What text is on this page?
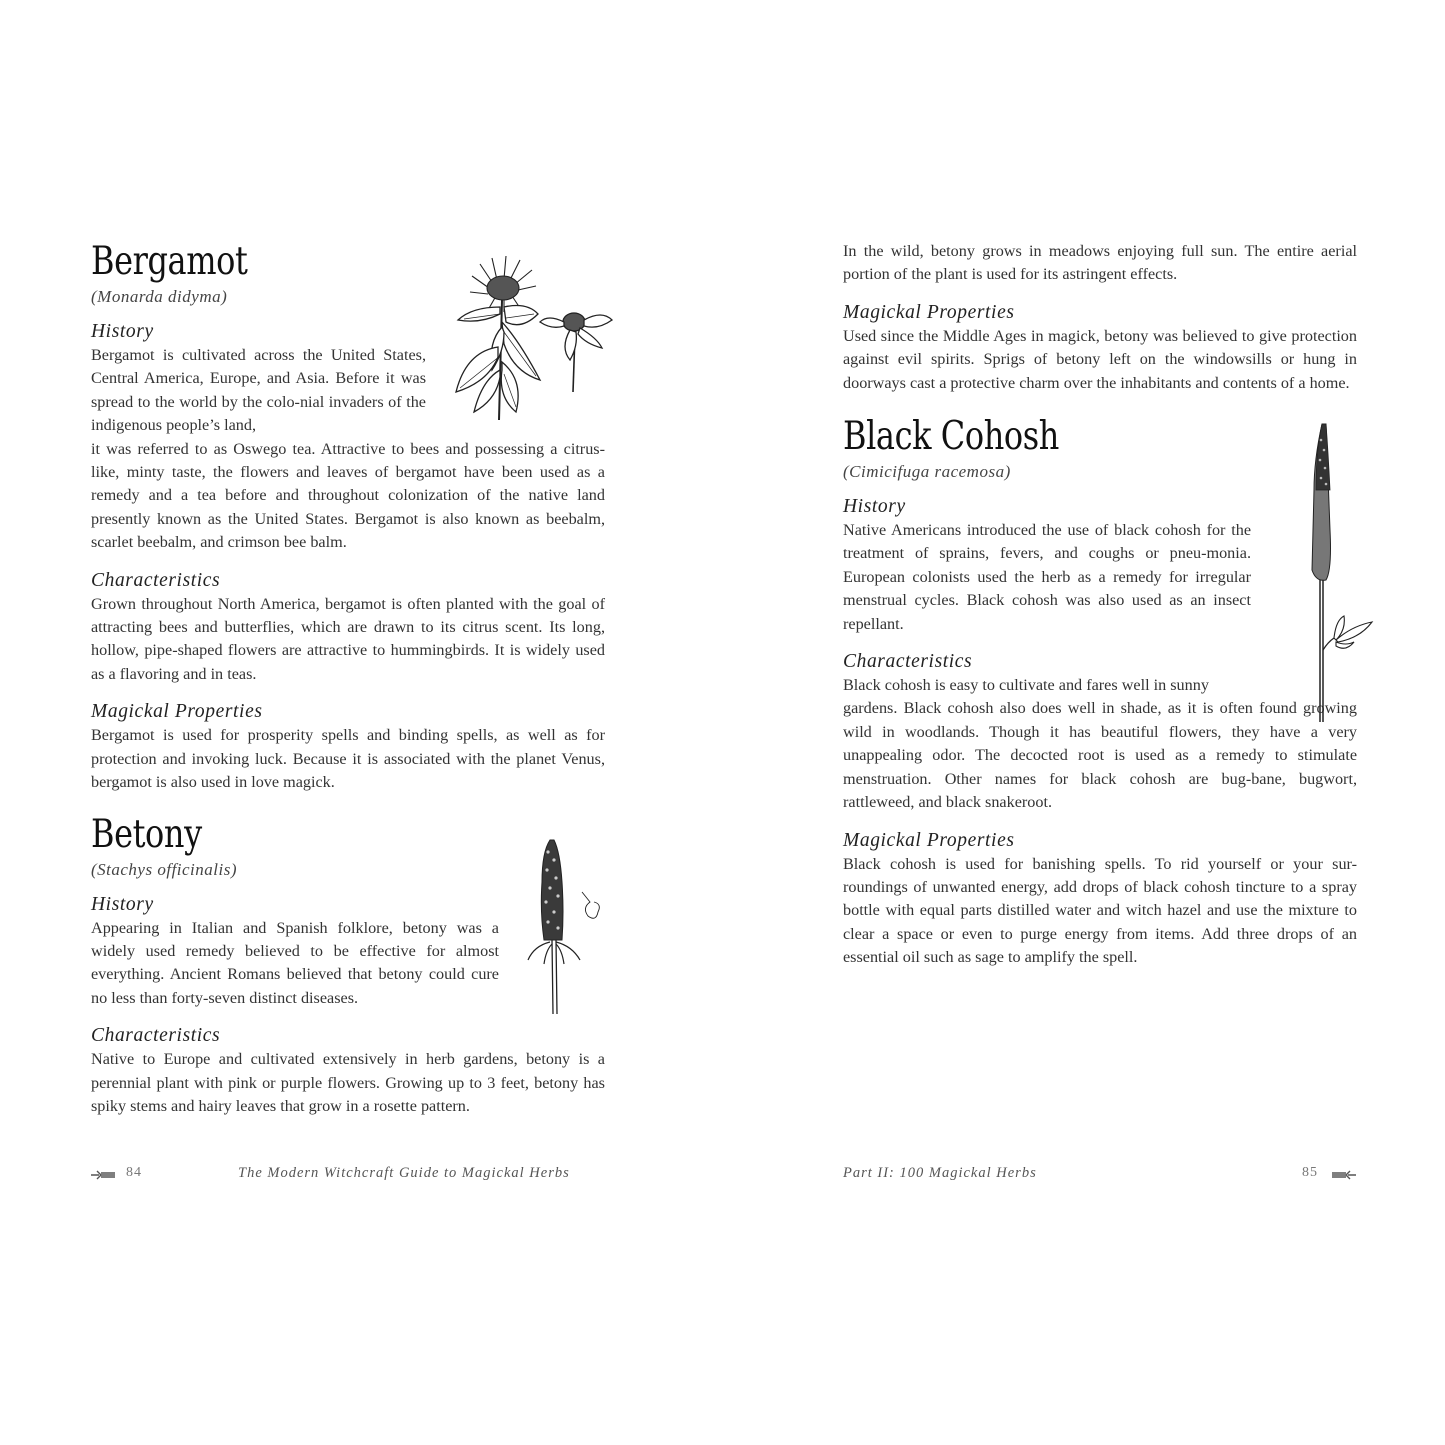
Bergamot

(Monarda didyma)

History

Bergamot is cultivated across the United States, Central America, Europe, and Asia. Before it was spread to the world by the colo-nial invaders of the indigenous people’s land,

it was referred to as Oswego tea. Attractive to bees and possessing a citrus-like, minty taste, the flowers and leaves of bergamot have been used as a remedy and a tea before and throughout colonization of the native land presently known as the United States. Bergamot is also known as beebalm, scarlet beebalm, and crimson bee balm.

Characteristics

Grown throughout North America, bergamot is often planted with the goal of attracting bees and butterflies, which are drawn to its citrus scent. Its long, hollow, pipe-shaped flowers are attractive to hummingbirds. It is widely used as a flavoring and in teas.

Magickal Properties

Bergamot is used for prosperity spells and binding spells, as well as for protection and invoking luck. Because it is associated with the planet Venus, bergamot is also used in love magick.

Betony

(Stachys officinalis)

History

Appearing in Italian and Spanish folklore, betony was a widely used remedy believed to be effective for almost everything. Ancient Romans believed that betony could cure no less than forty-seven distinct diseases.

Characteristics

Native to Europe and cultivated extensively in herb gardens, betony is a perennial plant with pink or purple flowers. Growing up to 3 feet, betony has spiky stems and hairy leaves that grow in a rosette pattern.

84	The Modern Witchcraft Guide to Magickal Herbs

In the wild, betony grows in meadows enjoying full sun. The entire aerial portion of the plant is used for its astringent effects.

Magickal Properties

Used since the Middle Ages in magick, betony was believed to give protection against evil spirits. Sprigs of betony left on the windowsills or hung in doorways cast a protective charm over the inhabitants and contents of a home.

Black Cohosh

(Cimicifuga racemosa)

History

Native Americans introduced the use of black cohosh for the treatment of sprains, fevers, and coughs or pneu-monia. European colonists used the herb as a remedy for irregular menstrual cycles. Black cohosh was also used as an insect repellant.

Characteristics

Black cohosh is easy to cultivate and fares well in sunny

gardens. Black cohosh also does well in shade, as it is often found growing wild in woodlands. Though it has beautiful flowers, they have a very unappealing odor. The decocted root is used as a remedy to stimulate menstruation. Other names for black cohosh are bug-bane, bugwort, rattleweed, and black snakeroot.

Magickal Properties

Black cohosh is used for banishing spells. To rid yourself or your sur-roundings of unwanted energy, add drops of black cohosh tincture to a spray bottle with equal parts distilled water and witch hazel and use the mixture to clear a space or even to purge energy from items. Add three drops of an essential oil such as sage to amplify the spell.

Part II: 100 Magickal Herbs	85
